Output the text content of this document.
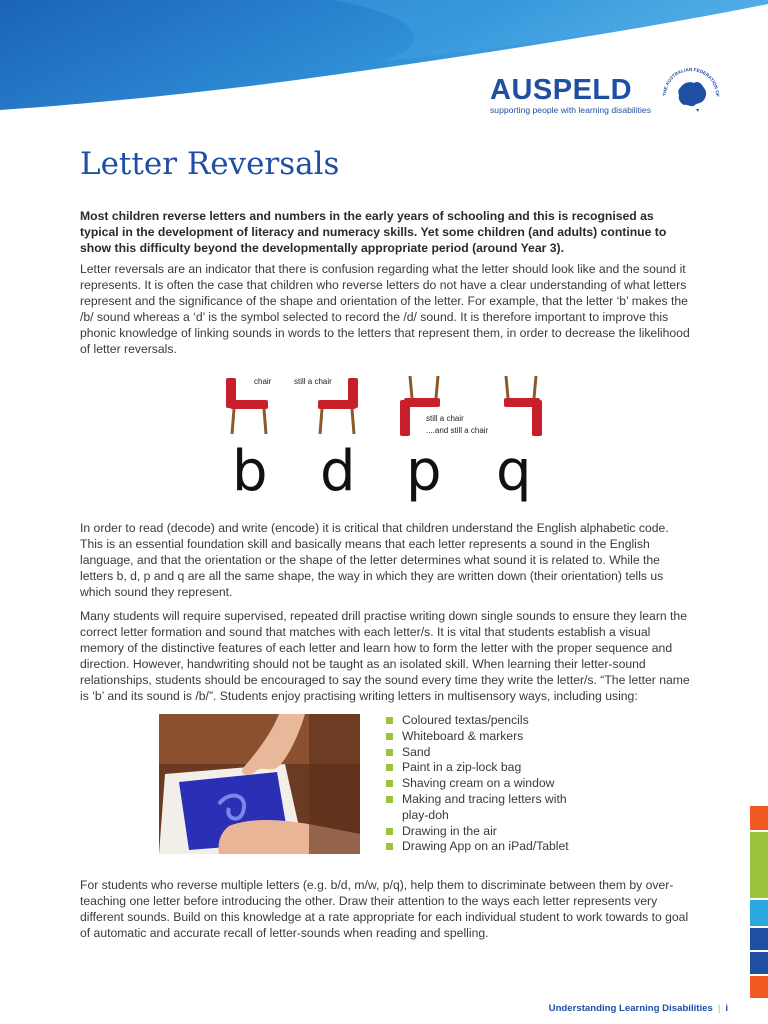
AUSPELD
supporting people with learning disabilities
THE AUSTRALIAN FEDERATION OF
Letter Reversals

Most children reverse letters and numbers in the early years of schooling and this is recognised as typical in the development of literacy and numeracy skills. Yet some children (and adults) continue to show this difficulty beyond the developmentally appropriate period (around Year 3).

Letter reversals are an indicator that there is confusion regarding what the letter should look like and the sound it represents. It is often the case that children who reverse letters do not have a clear understanding of what letters represent and the significance of the shape and orientation of the letter. For example, that the letter ‘b’ makes the /b/ sound whereas a ‘d’ is the symbol selected to record the /d/ sound. It is therefore important to improve this phonic knowledge of linking sounds in words to the letters that represent them, in order to decrease the likelihood of letter reversals.

chair	still a chair
still a chair
....and still a chair
b d p q

In order to read (decode) and write (encode) it is critical that children understand the English alphabetic code. This is an essential foundation skill and basically means that each letter represents a sound in the English language, and that the orientation or the shape of the letter determines what sound it is related to. While the letters b, d, p and q are all the same shape, the way in which they are written down (their orientation) tells us which sound they represent.

Many students will require supervised, repeated drill practise writing down single sounds to ensure they learn the correct letter formation and sound that matches with each letter/s. It is vital that students establish a visual memory of the distinctive features of each letter and learn how to form the letter with the proper sequence and direction. However, handwriting should not be taught as an isolated skill. When learning their letter-sound relationships, students should be encouraged to say the sound every time they write the letter/s. “The letter name is ‘b’ and its sound is /b/”. Students enjoy practising writing letters in multisensory ways, including using:

Coloured textas/pencils
Whiteboard & markers
Sand
Paint in a zip-lock bag
Shaving cream on a window
Making and tracing letters with play-doh
Drawing in the air
Drawing App on an iPad/Tablet

For students who reverse multiple letters (e.g. b/d, m/w, p/q), help them to discriminate between them by over-teaching one letter before introducing the other. Draw their attention to the ways each letter represents very different sounds. Build on this knowledge at a rate appropriate for each individual student to work towards to goal of automatic and accurate recall of letter-sounds when reading and spelling.

Understanding Learning Disabilities | i
